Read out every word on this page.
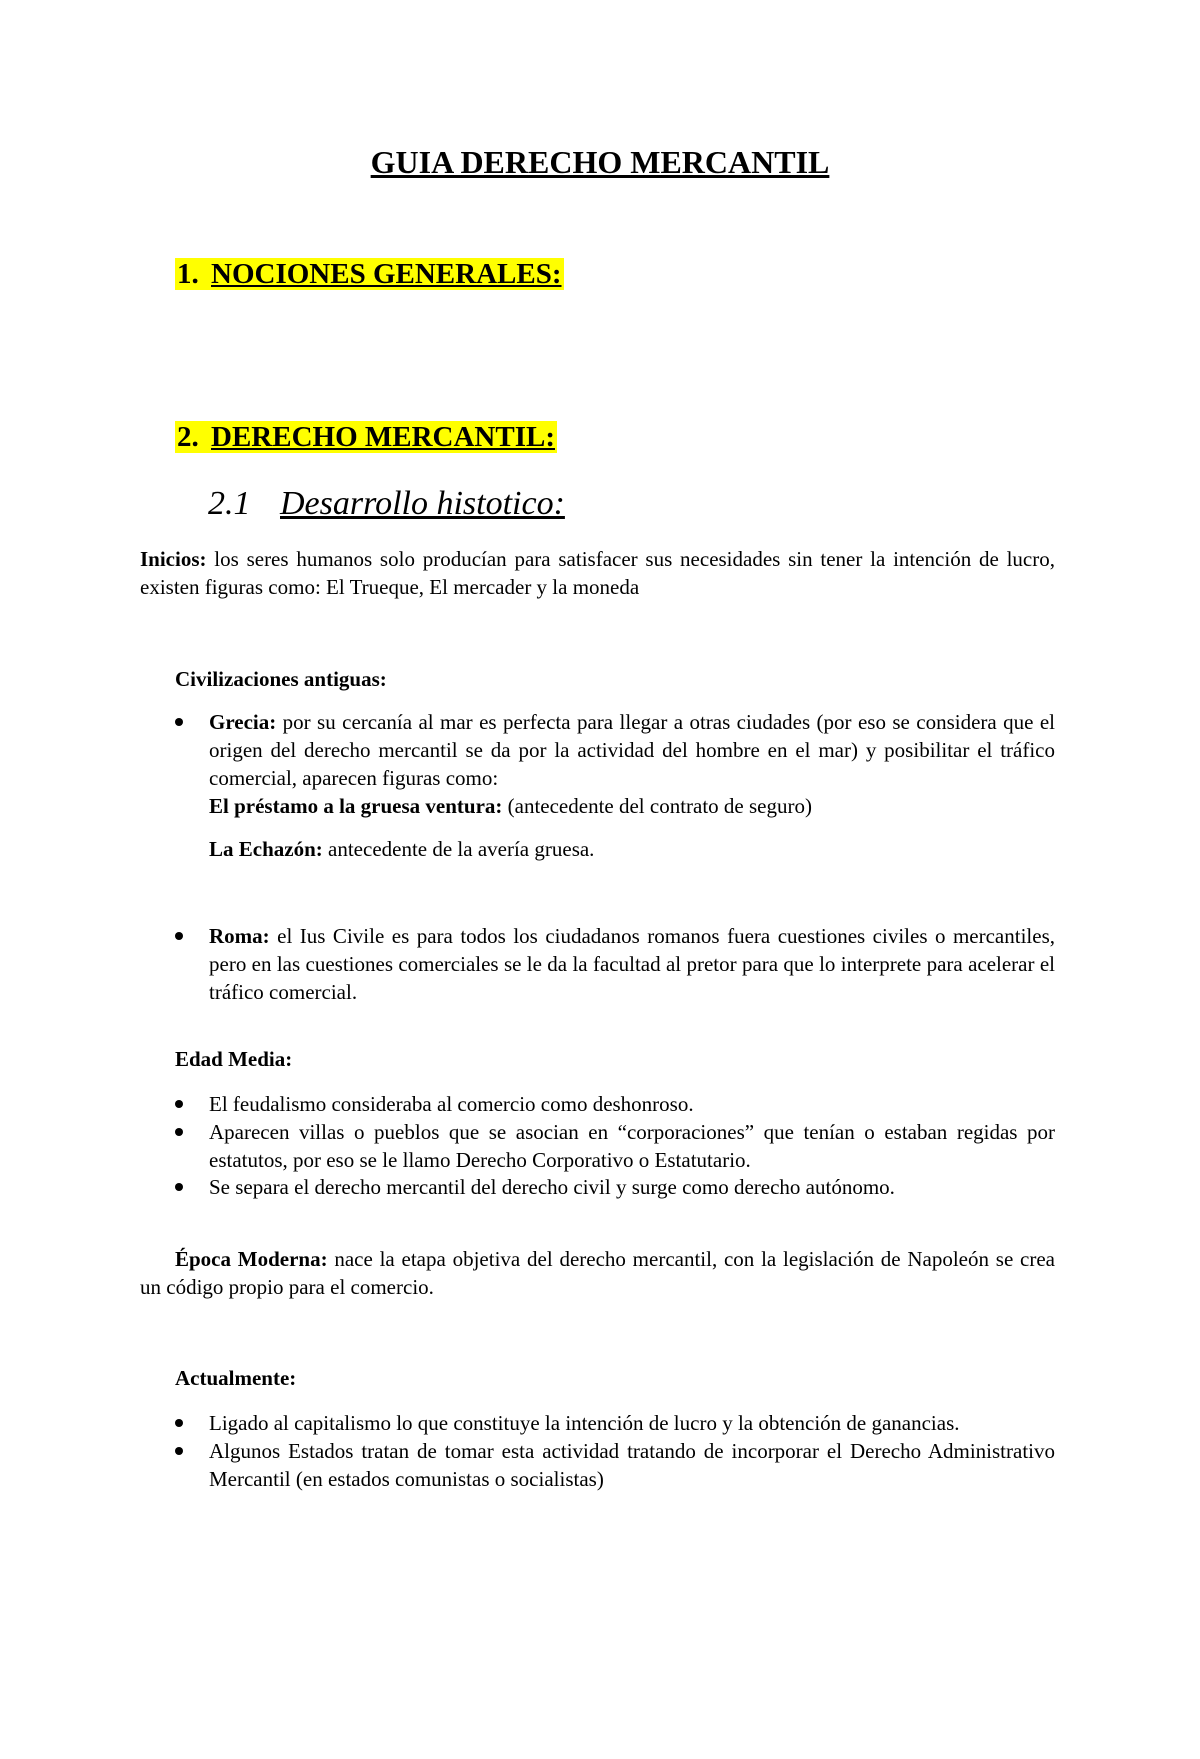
GUIA DERECHO MERCANTIL
1. NOCIONES GENERALES:
2. DERECHO MERCANTIL:
2.1 Desarrollo histotico:
Inicios: los seres humanos solo producían para satisfacer sus necesidades sin tener la intención de lucro, existen figuras como: El Trueque, El mercader y la moneda
Civilizaciones antiguas:
Grecia: por su cercanía al mar es perfecta para llegar a otras ciudades (por eso se considera que el origen del derecho mercantil se da por la actividad del hombre en el mar) y posibilitar el tráfico comercial, aparecen figuras como:
El préstamo a la gruesa ventura: (antecedente del contrato de seguro)
La Echazón: antecedente de la avería gruesa.
Roma: el Ius Civile es para todos los ciudadanos romanos fuera cuestiones civiles o mercantiles, pero en las cuestiones comerciales se le da la facultad al pretor para que lo interprete para acelerar el tráfico comercial.
Edad Media:
El feudalismo consideraba al comercio como deshonroso.
Aparecen villas o pueblos que se asocian en “corporaciones” que tenían o estaban regidas por estatutos, por eso se le llamo Derecho Corporativo o Estatutario.
Se separa el derecho mercantil del derecho civil y surge como derecho autónomo.
Época Moderna: nace la etapa objetiva del derecho mercantil, con la legislación de Napoleón se crea un código propio para el comercio.
Actualmente:
Ligado al capitalismo lo que constituye la intención de lucro y la obtención de ganancias.
Algunos Estados tratan de tomar esta actividad tratando de incorporar el Derecho Administrativo Mercantil (en estados comunistas o socialistas)
